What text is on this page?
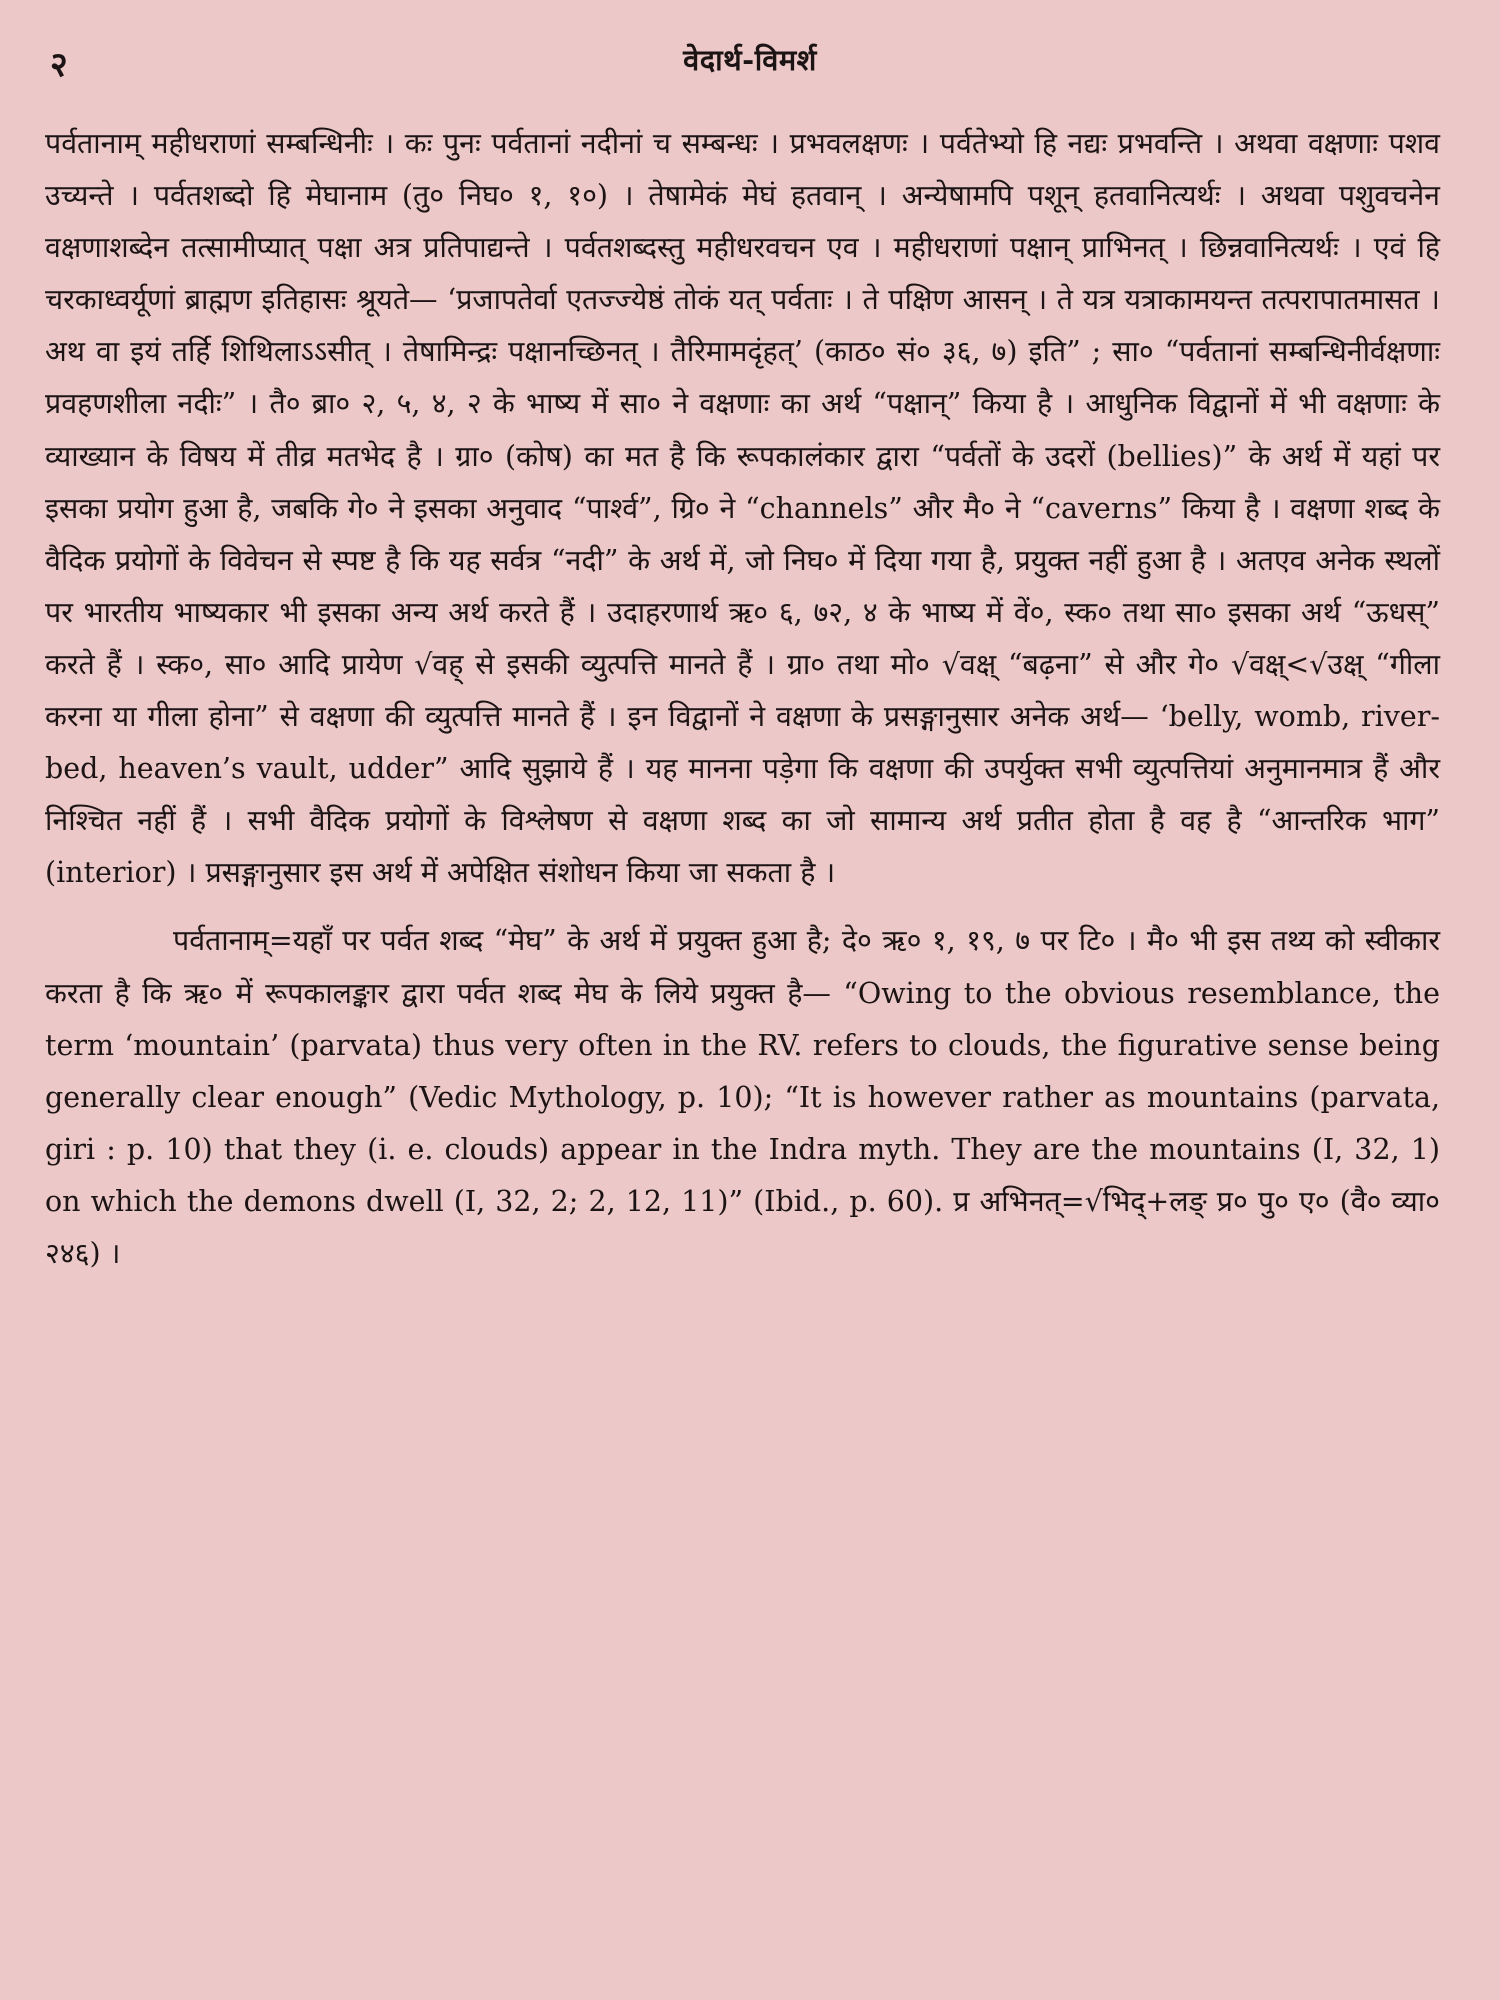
२	वेदार्थ-विमर्श

पर्वतानाम् महीधराणां सम्बन्धिनीः । कः पुनः पर्वतानां नदीनां च सम्बन्धः । प्रभवलक्षणः । पर्वतेभ्यो हि नद्यः प्रभवन्ति । अथवा वक्षणाः पशव उच्यन्ते । पर्वतशब्दो हि मेघानाम (तु० निघ० १, १०) । तेषामेकं मेघं हतवान् । अन्येषामपि पशून् हतवानित्यर्थः । अथवा पशुवचनेन वक्षणाशब्देन तत्सामीप्यात् पक्षा अत्र प्रतिपाद्यन्ते । पर्वतशब्दस्तु महीधरवचन एव । महीधराणां पक्षान् प्राभिनत् । छिन्नवानित्यर्थः । एवं हि चरकाध्वर्यूणां ब्राह्मण इतिहासः श्रूयते— ‘प्रजापतेर्वा एतज्ज्येष्ठं तोकं यत् पर्वताः । ते पक्षिण आसन् । ते यत्र यत्राकामयन्त तत्परापातमासत । अथ वा इयं तर्हि शिथिलाऽऽसीत् । तेषामिन्द्रः पक्षानच्छिनत् । तैरिमामदृंहत्’ (काठ० सं० ३६, ७) इति” ; सा० “पर्वतानां सम्बन्धिनीर्वक्षणाः प्रवहणशीला नदीः” । तै० ब्रा० २, ५, ४, २ के भाष्य में सा० ने वक्षणाः का अर्थ “पक्षान्” किया है । आधुनिक विद्वानों में भी वक्षणाः के व्याख्यान के विषय में तीव्र मतभेद है । ग्रा० (कोष) का मत है कि रूपकालंकार द्वारा “पर्वतों के उदरों (bellies)” के अर्थ में यहां पर इसका प्रयोग हुआ है, जबकि गे० ने इसका अनुवाद “पार्श्व”, ग्रि० ने “channels” और मै० ने “caverns” किया है । वक्षणा शब्द के वैदिक प्रयोगों के विवेचन से स्पष्ट है कि यह सर्वत्र “नदी” के अर्थ में, जो निघ० में दिया गया है, प्रयुक्त नहीं हुआ है । अतएव अनेक स्थलों पर भारतीय भाष्यकार भी इसका अन्य अर्थ करते हैं । उदाहरणार्थ ऋ० ६, ७२, ४ के भाष्य में वें०, स्क० तथा सा० इसका अर्थ “ऊधस्” करते हैं । स्क०, सा० आदि प्रायेण √वह् से इसकी व्युत्पत्ति मानते हैं । ग्रा० तथा मो० √वक्ष् “बढ़ना” से और गे० √वक्ष्<√उक्ष् “गीला करना या गीला होना” से वक्षणा की व्युत्पत्ति मानते हैं । इन विद्वानों ने वक्षणा के प्रसङ्गानुसार अनेक अर्थ— ‘belly, womb, river-bed, heaven’s vault, udder” आदि सुझाये हैं । यह मानना पड़ेगा कि वक्षणा की उपर्युक्त सभी व्युत्पत्तियां अनुमानमात्र हैं और निश्चित नहीं हैं । सभी वैदिक प्रयोगों के विश्लेषण से वक्षणा शब्द का जो सामान्य अर्थ प्रतीत होता है वह है “आन्तरिक भाग” (interior) । प्रसङ्गानुसार इस अर्थ में अपेक्षित संशोधन किया जा सकता है ।

पर्वतानाम्=यहाँ पर पर्वत शब्द “मेघ” के अर्थ में प्रयुक्त हुआ है; दे० ऋ० १, १९, ७ पर टि० । मै० भी इस तथ्य को स्वीकार करता है कि ऋ० में रूपकालङ्कार द्वारा पर्वत शब्द मेघ के लिये प्रयुक्त है— “Owing to the obvious resemblance, the term ‘mountain’ (parvata) thus very often in the RV. refers to clouds, the figurative sense being generally clear enough” (Vedic Mythology, p. 10); “It is however rather as mountains (parvata, giri : p. 10) that they (i. e. clouds) appear in the Indra myth. They are the mountains (I, 32, 1) on which the demons dwell (I, 32, 2; 2, 12, 11)” (Ibid., p. 60). प्र अभिनत्=√भिद्+लङ् प्र० पु० ए० (वै० व्या० २४६) ।
